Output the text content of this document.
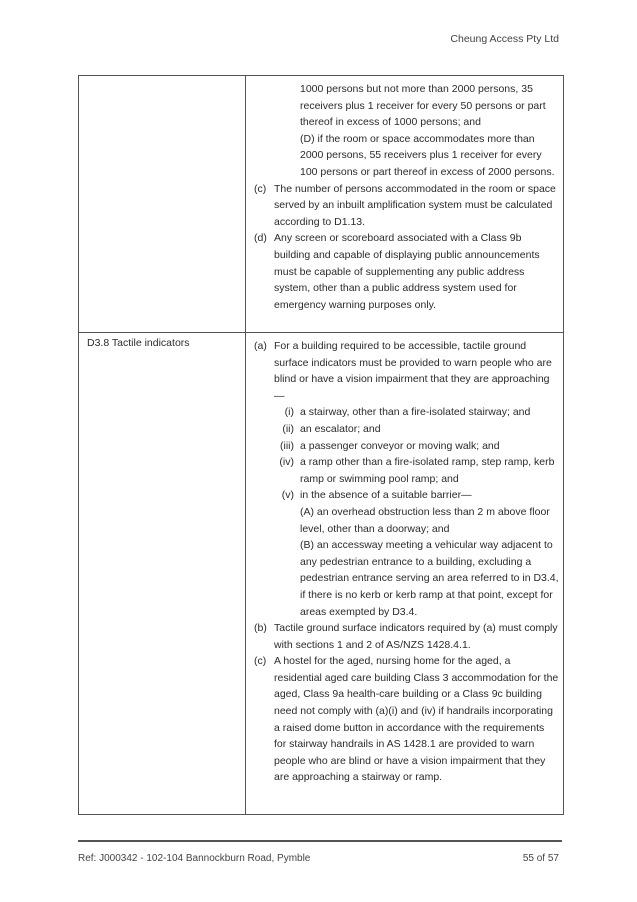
Cheung Access Pty Ltd
1000 persons but not more than 2000 persons, 35 receivers plus 1 receiver for every 50 persons or part thereof in excess of 1000 persons; and
(D) if the room or space accommodates more than 2000 persons, 55 receivers plus 1 receiver for every 100 persons or part thereof in excess of 2000 persons.
(c) The number of persons accommodated in the room or space served by an inbuilt amplification system must be calculated according to D1.13.
(d) Any screen or scoreboard associated with a Class 9b building and capable of displaying public announcements must be capable of supplementing any public address system, other than a public address system used for emergency warning purposes only.
D3.8 Tactile indicators	(a) For a building required to be accessible, tactile ground surface indicators must be provided to warn people who are blind or have a vision impairment that they are approaching—
(i) a stairway, other than a fire-isolated stairway; and
(ii) an escalator; and
(iii) a passenger conveyor or moving walk; and
(iv) a ramp other than a fire-isolated ramp, step ramp, kerb ramp or swimming pool ramp; and
(v) in the absence of a suitable barrier—
(A) an overhead obstruction less than 2 m above floor level, other than a doorway; and
(B) an accessway meeting a vehicular way adjacent to any pedestrian entrance to a building, excluding a pedestrian entrance serving an area referred to in D3.4, if there is no kerb or kerb ramp at that point, except for areas exempted by D3.4.
(b) Tactile ground surface indicators required by (a) must comply with sections 1 and 2 of AS/NZS 1428.4.1.
(c) A hostel for the aged, nursing home for the aged, a residential aged care building Class 3 accommodation for the aged, Class 9a health-care building or a Class 9c building need not comply with (a)(i) and (iv) if handrails incorporating a raised dome button in accordance with the requirements for stairway handrails in AS 1428.1 are provided to warn people who are blind or have a vision impairment that they are approaching a stairway or ramp.
Ref: J000342 - 102-104 Bannockburn Road, Pymble	55 of 57
